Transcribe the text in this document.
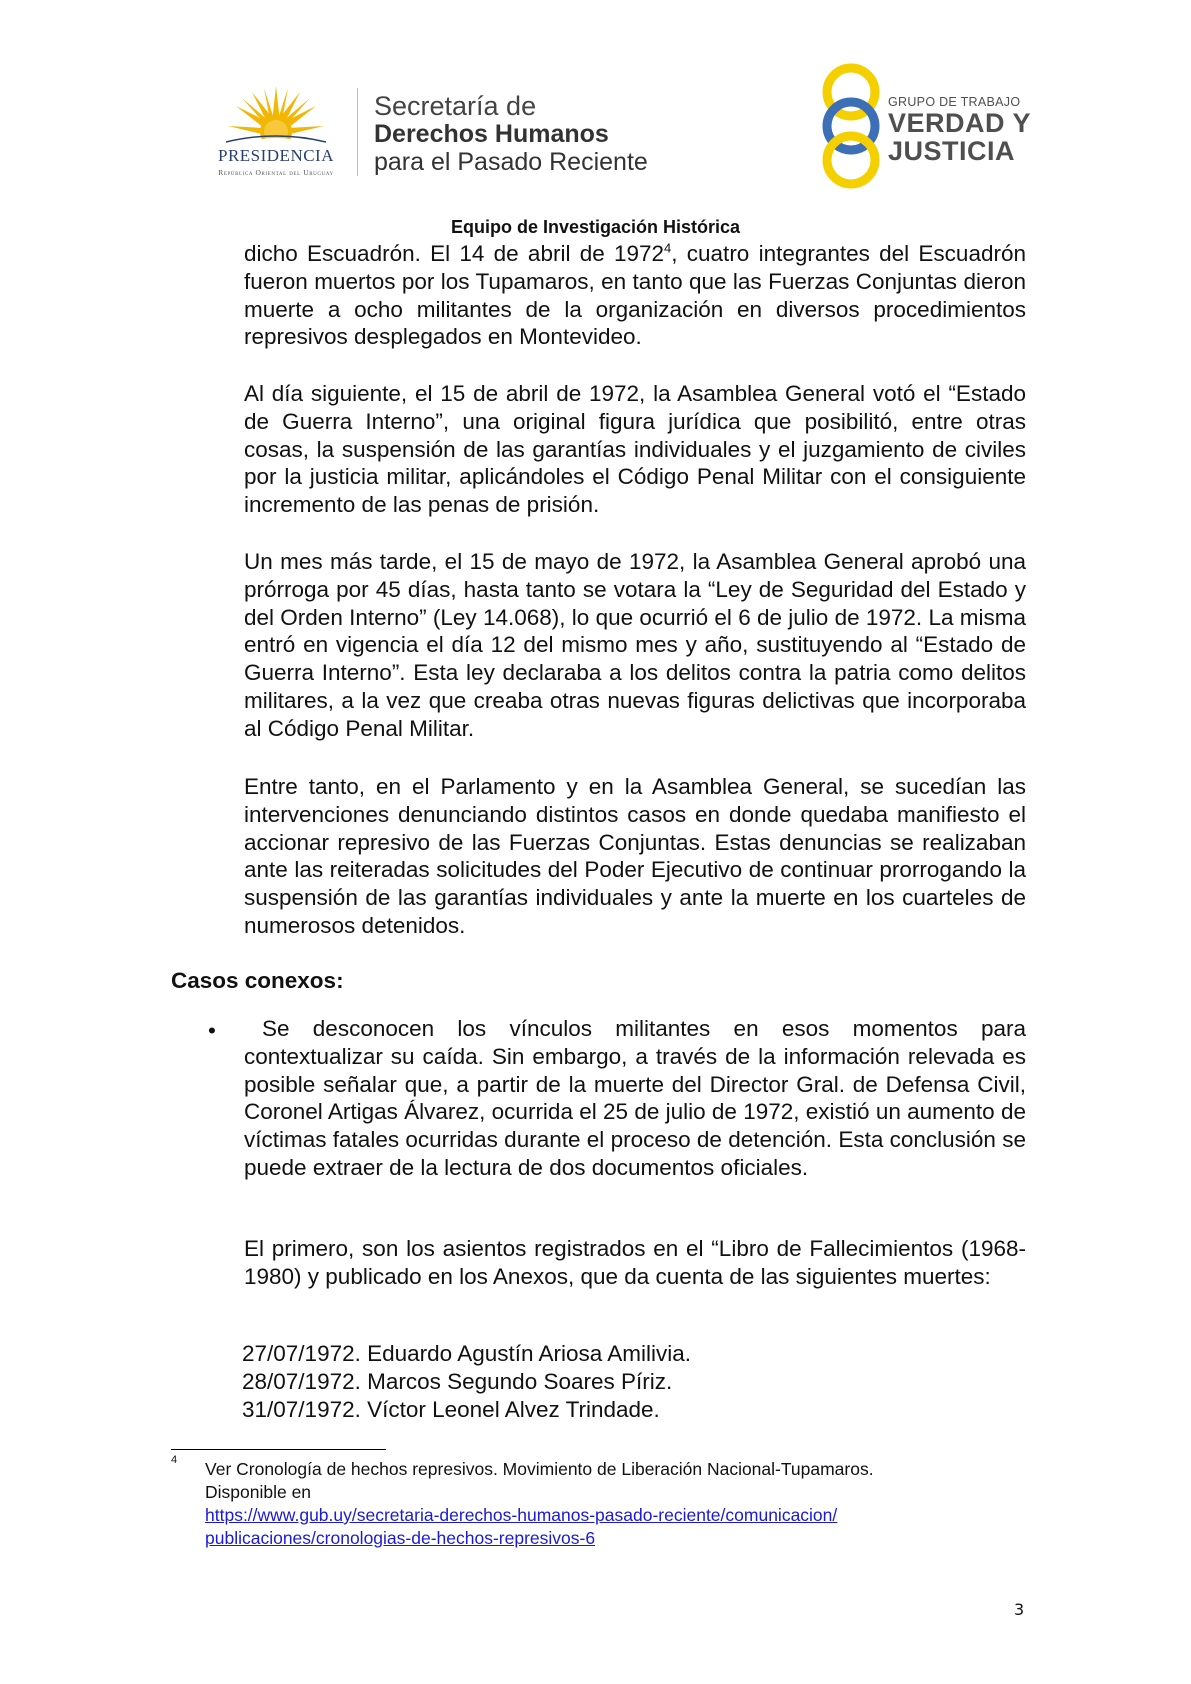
PRESIDENCIA
República Oriental del Uruguay
Secretaría de
Derechos Humanos
para el Pasado Reciente
GRUPO DE TRABAJO
VERDAD Y
JUSTICIA
Equipo de Investigación Histórica

dicho Escuadrón. El 14 de abril de 1972$^4$, cuatro integrantes del Escuadrón fueron muertos por los Tupamaros, en tanto que las Fuerzas Conjuntas dieron muerte a ocho militantes de la organización en diversos procedimientos represivos desplegados en Montevideo.

Al día siguiente, el 15 de abril de 1972, la Asamblea General votó el “Estado de Guerra Interno”, una original figura jurídica que posibilitó, entre otras cosas, la suspensión de las garantías individuales y el juzgamiento de civiles por la justicia militar, aplicándoles el Código Penal Militar con el consiguiente incremento de las penas de prisión.

Un mes más tarde, el 15 de mayo de 1972, la Asamblea General aprobó una prórroga por 45 días, hasta tanto se votara la “Ley de Seguridad del Estado y del Orden Interno” (Ley 14.068), lo que ocurrió el 6 de julio de 1972. La misma entró en vigencia el día 12 del mismo mes y año, sustituyendo al “Estado de Guerra Interno”. Esta ley declaraba a los delitos contra la patria como delitos militares, a la vez que creaba otras nuevas figuras delictivas que incorporaba al Código Penal Militar.

Entre tanto, en el Parlamento y en la Asamblea General, se sucedían las intervenciones denunciando distintos casos en donde quedaba manifiesto el accionar represivo de las Fuerzas Conjuntas. Estas denuncias se realizaban ante las reiteradas solicitudes del Poder Ejecutivo de continuar prorrogando la suspensión de las garantías individuales y ante la muerte en los cuarteles de numerosos detenidos.

Casos conexos:
•	Se desconocen los vínculos militantes en esos momentos para contextualizar su caída. Sin embargo, a través de la información relevada es posible señalar que, a partir de la muerte del Director Gral. de Defensa Civil, Coronel Artigas Álvarez, ocurrida el 25 de julio de 1972, existió un aumento de víctimas fatales ocurridas durante el proceso de detención. Esta conclusión se puede extraer de la lectura de dos documentos oficiales.

El primero, son los asientos registrados en el “Libro de Fallecimientos (1968-1980) y publicado en los Anexos, que da cuenta de las siguientes muertes:

27/07/1972. Eduardo Agustín Ariosa Amilivia.
28/07/1972. Marcos Segundo Soares Píriz.
31/07/1972. Víctor Leonel Alvez Trindade.
4 Ver Cronología de hechos represivos. Movimiento de Liberación Nacional-Tupamaros.
Disponible en
https://www.gub.uy/secretaria-derechos-humanos-pasado-reciente/comunicacion/
publicaciones/cronologias-de-hechos-represivos-6
3
